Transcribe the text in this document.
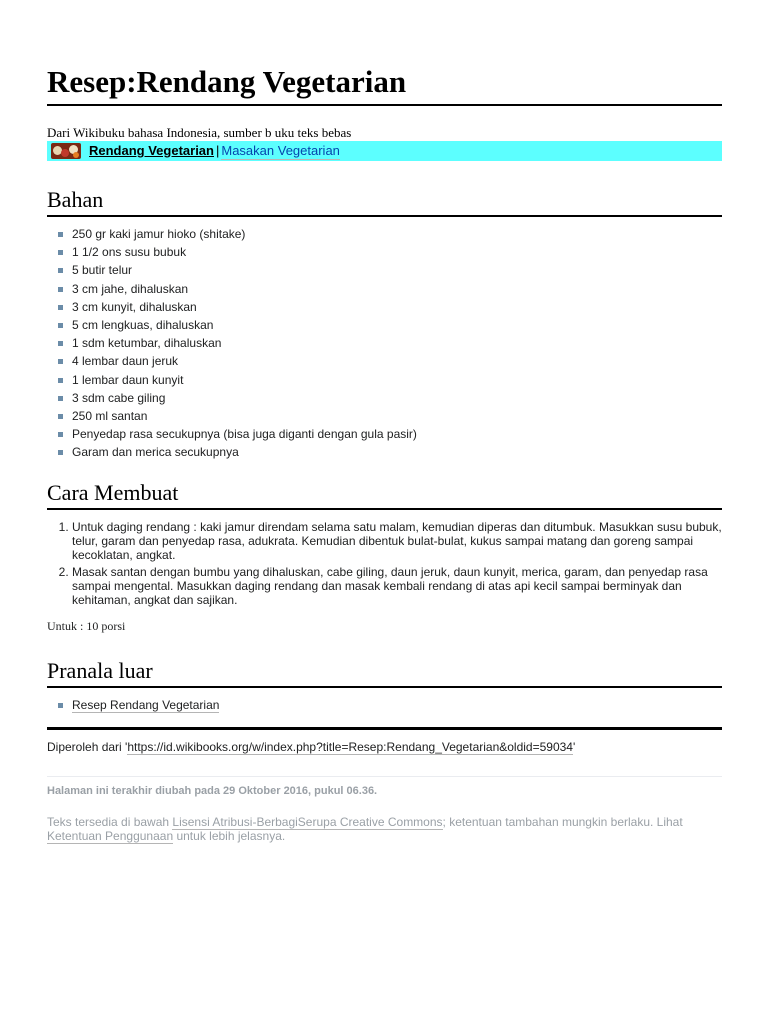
Resep:Rendang Vegetarian
Dari Wikibuku bahasa Indonesia, sumber b uku teks bebas
Rendang Vegetarian | Masakan Vegetarian
Bahan
250 gr kaki jamur hioko (shitake)
1 1/2 ons susu bubuk
5 butir telur
3 cm jahe, dihaluskan
3 cm kunyit, dihaluskan
5 cm lengkuas, dihaluskan
1 sdm ketumbar, dihaluskan
4 lembar daun jeruk
1 lembar daun kunyit
3 sdm cabe giling
250 ml santan
Penyedap rasa secukupnya (bisa juga diganti dengan gula pasir)
Garam dan merica secukupnya
Cara Membuat
1. Untuk daging rendang : kaki jamur direndam selama satu malam, kemudian diperas dan ditumbuk. Masukkan susu bubuk, telur, garam dan penyedap rasa, adukrata. Kemudian dibentuk bulat-bulat, kukus sampai matang dan goreng sampai kecoklatan, angkat.
2. Masak santan dengan bumbu yang dihaluskan, cabe giling, daun jeruk, daun kunyit, merica, garam, dan penyedap rasa sampai mengental. Masukkan daging rendang dan masak kembali rendang di atas api kecil sampai berminyak dan kehitaman, angkat dan sajikan.
Untuk : 10 porsi
Pranala luar
Resep Rendang Vegetarian
Diperoleh dari 'https://id.wikibooks.org/w/index.php?title=Resep:Rendang_Vegetarian&oldid=59034'
Halaman ini terakhir diubah pada 29 Oktober 2016, pukul 06.36.
Teks tersedia di bawah Lisensi Atribusi-BerbagiSerupa Creative Commons; ketentuan tambahan mungkin berlaku. Lihat Ketentuan Penggunaan untuk lebih jelasnya.
